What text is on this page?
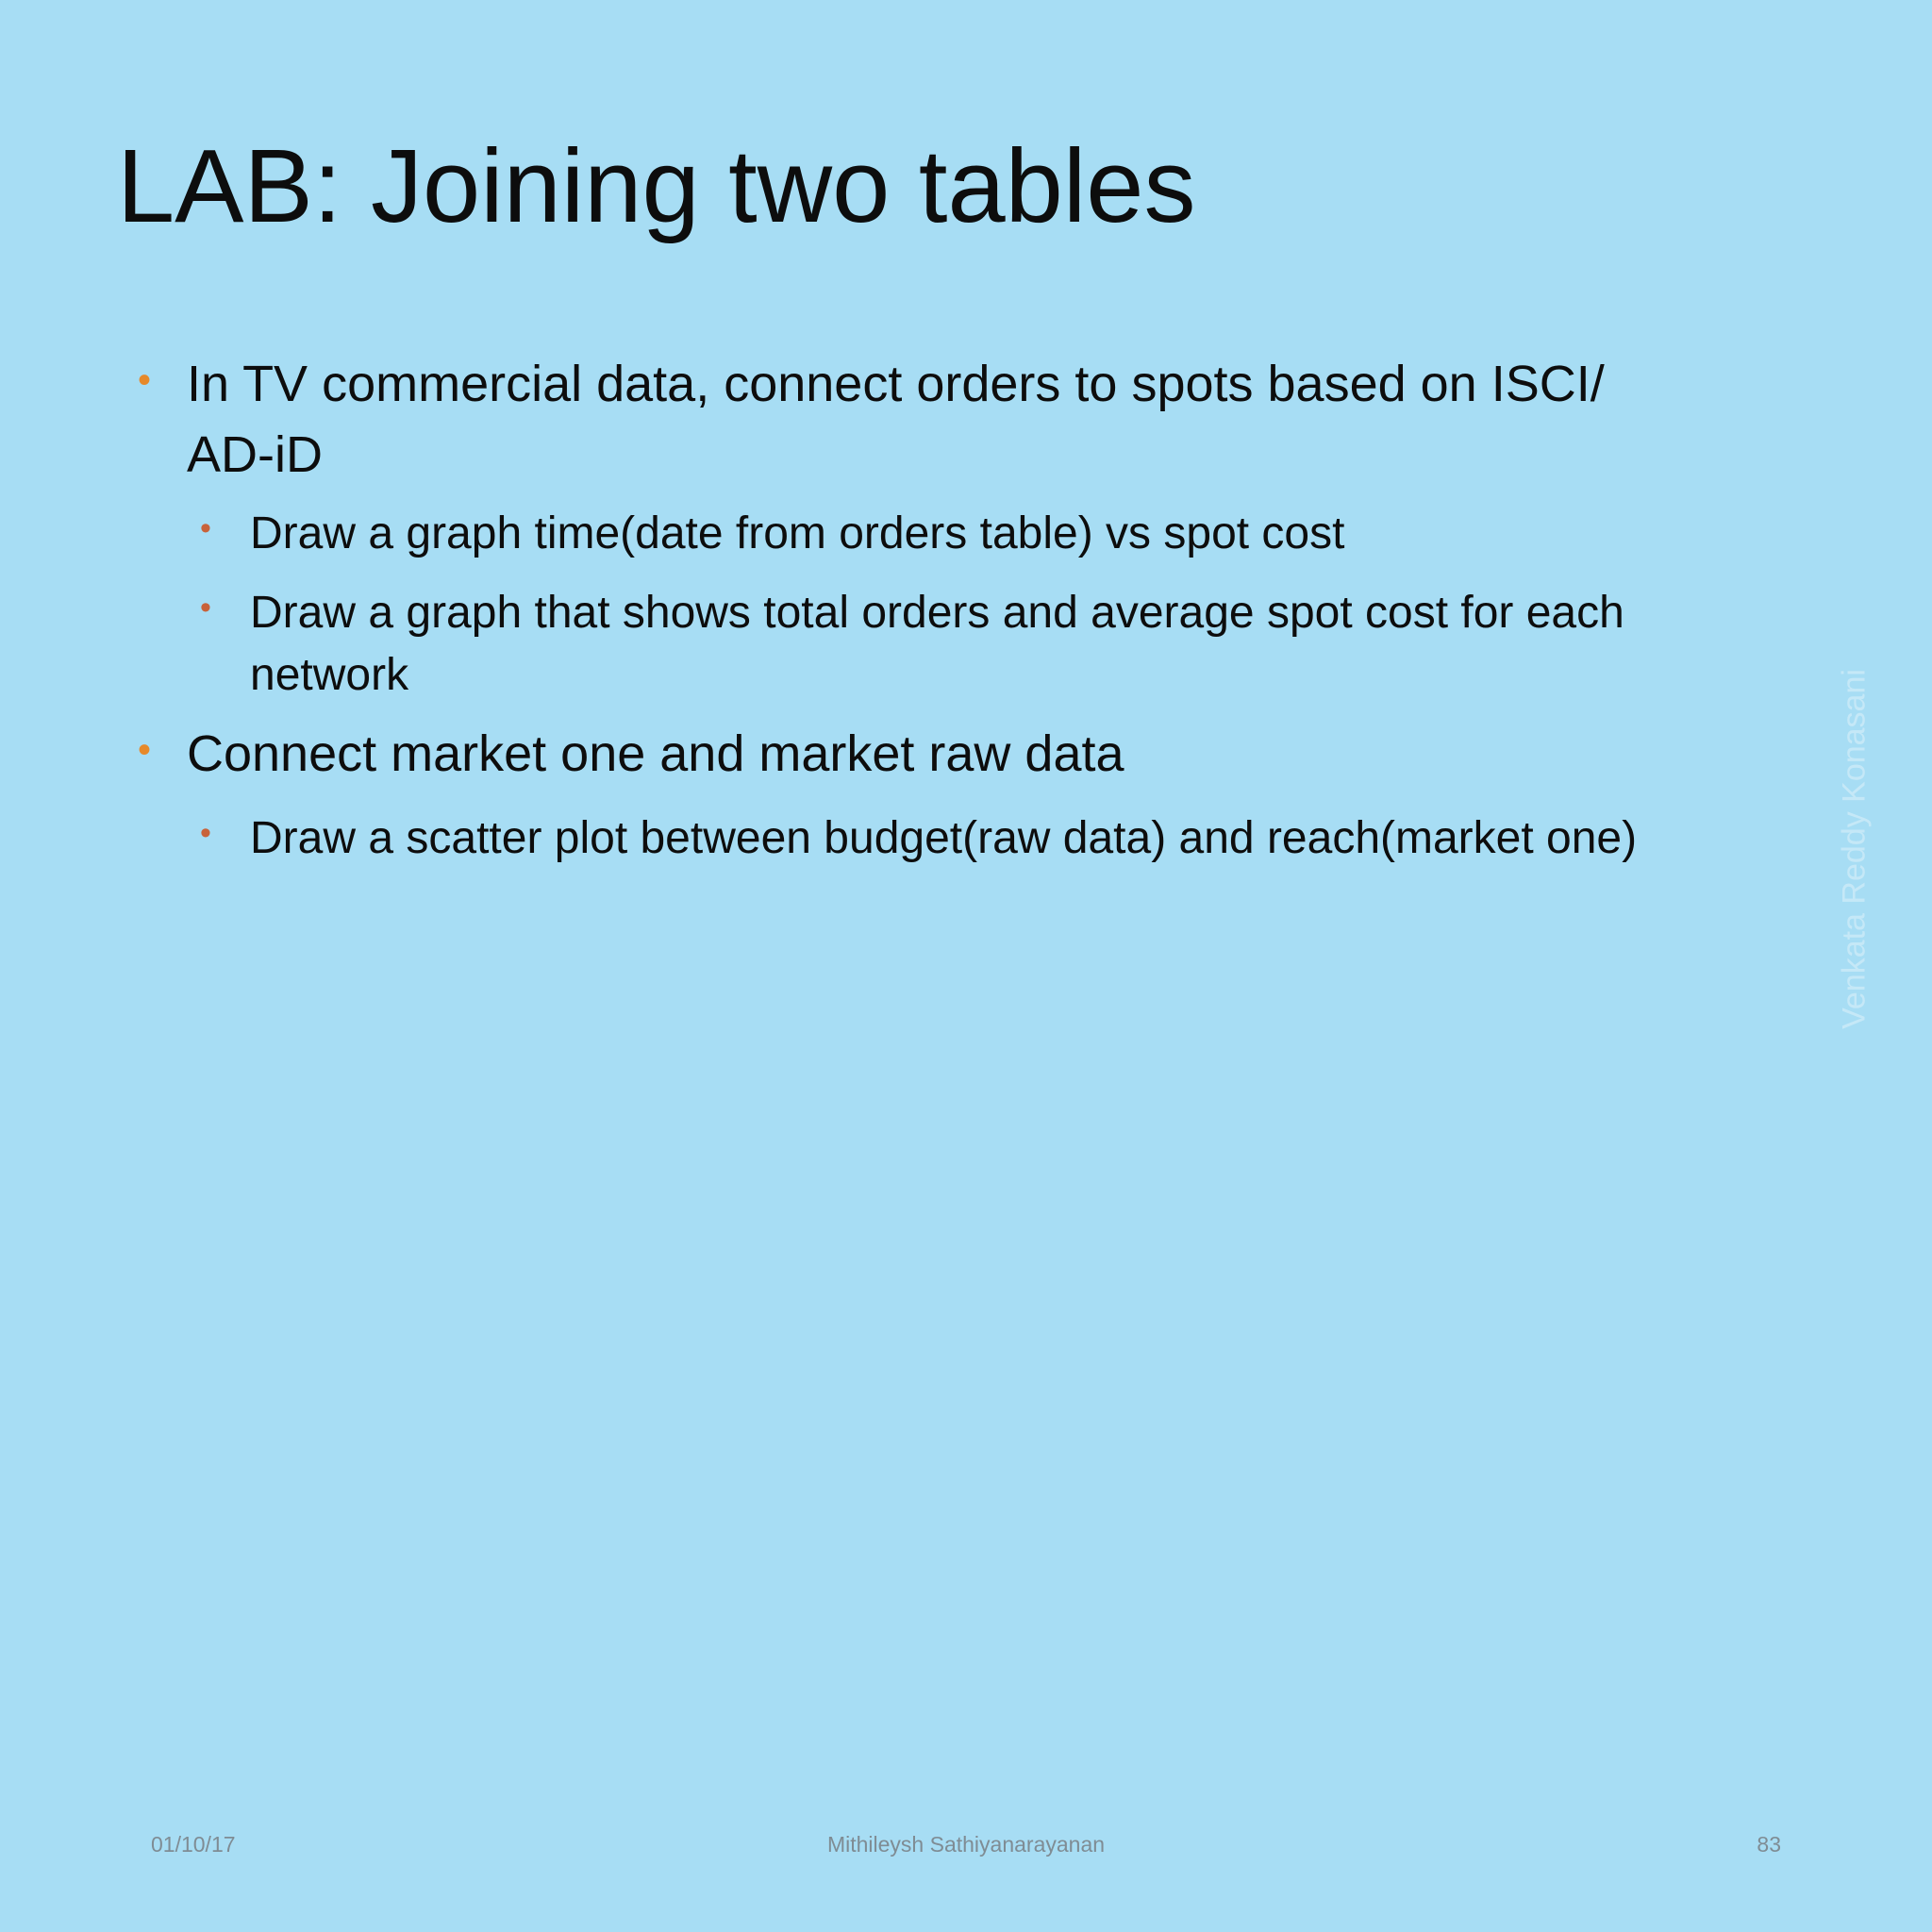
LAB: Joining two tables
• In TV commercial data, connect orders to spots based on ISCI/ AD-iD
• Draw a graph time(date from orders table) vs spot cost
• Draw a graph that shows total orders and average spot cost for each network
• Connect market one and market raw data
• Draw a scatter plot between budget(raw data) and reach(market one)	Venkata Reddy Konasani
01/10/17	Mithileysh Sathiyanarayanan	83
